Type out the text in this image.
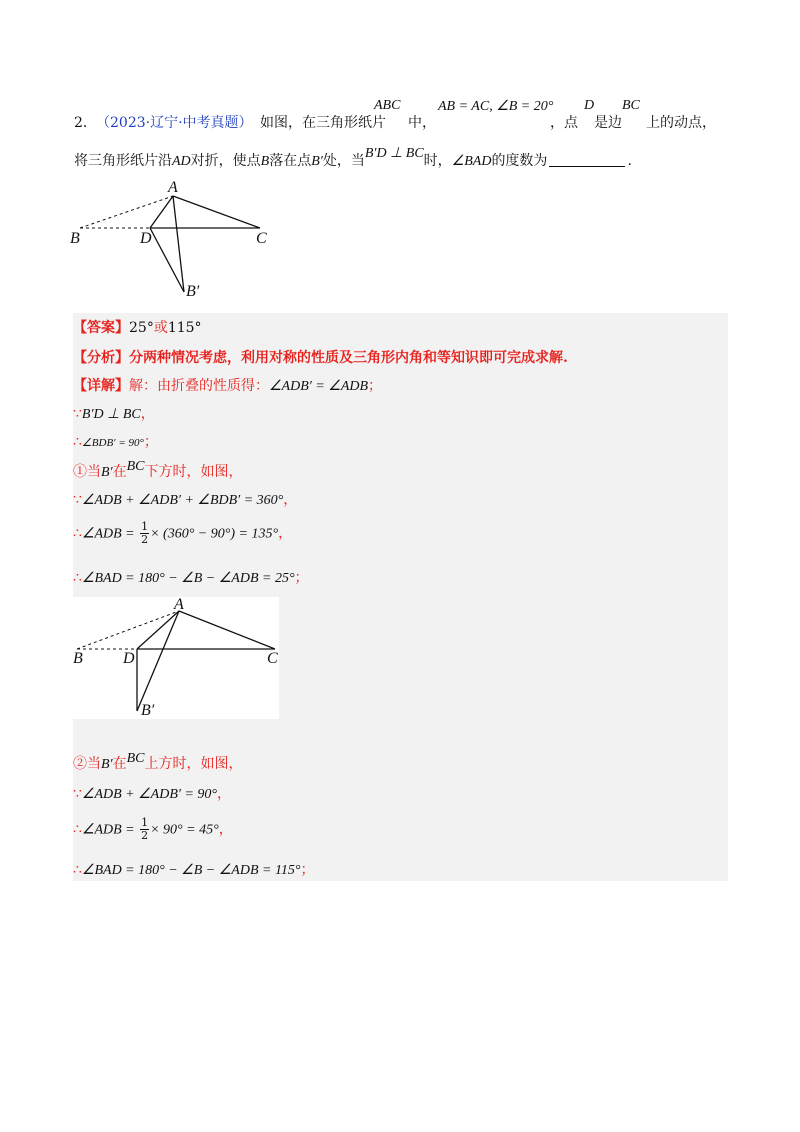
2． （2023·辽宁·中考真题） 如图，在三角形纸片
ABC
中，
AB = AC, ∠B = 20°
，点
D
是边
BC
上的动点，
将三角形纸片沿AD对折，使点B落在点B′处，当B′D ⊥ BC时，∠BAD的度数为	.
A
B	D	C
B′
【答案】25°或115°
【分析】分两种情况考虑，利用对称的性质及三角形内角和等知识即可完成求解.
【详解】解：由折叠的性质得：∠ADB′ = ∠ADB；
∵B′D ⊥ BC，
∴∠BDB′ = 90°；
①当B′在BC下方时，如图，
∵∠ADB + ∠ADB′ + ∠BDB′ = 360°，
∴∠ADB = $\frac{1}{2} \times (360^\circ - 90^\circ) = 135^\circ$，
∴∠BAD = 180° − ∠B − ∠ADB = 25°；
A
B	D	C
B′
②当B′在BC上方时，如图，
∵∠ADB + ∠ADB′ = 90°，
∴∠ADB = $\frac{1}{2} \times 90^\circ = 45^\circ$，
∴∠BAD = 180° − ∠B − ∠ADB = 115°；
